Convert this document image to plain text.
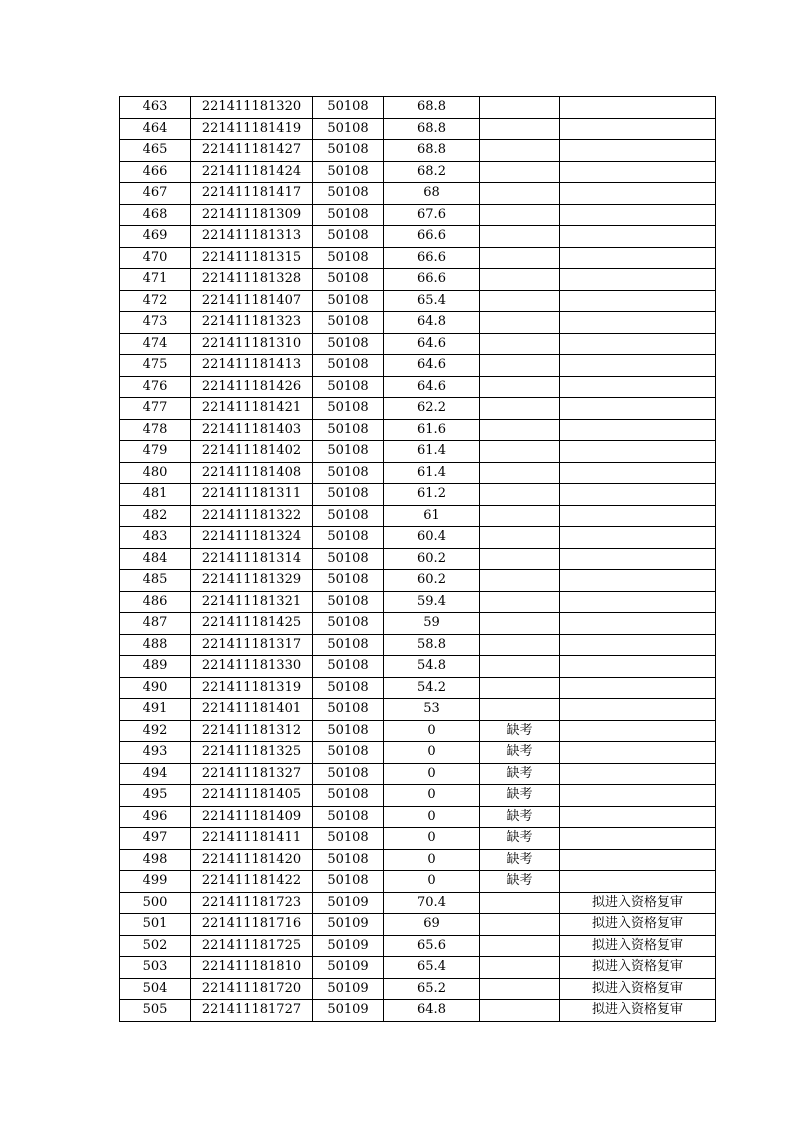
463	221411181320	50108	68.8		
464	221411181419	50108	68.8		
465	221411181427	50108	68.8		
466	221411181424	50108	68.2		
467	221411181417	50108	68		
468	221411181309	50108	67.6		
469	221411181313	50108	66.6		
470	221411181315	50108	66.6		
471	221411181328	50108	66.6		
472	221411181407	50108	65.4		
473	221411181323	50108	64.8		
474	221411181310	50108	64.6		
475	221411181413	50108	64.6		
476	221411181426	50108	64.6		
477	221411181421	50108	62.2		
478	221411181403	50108	61.6		
479	221411181402	50108	61.4		
480	221411181408	50108	61.4		
481	221411181311	50108	61.2		
482	221411181322	50108	61		
483	221411181324	50108	60.4		
484	221411181314	50108	60.2		
485	221411181329	50108	60.2		
486	221411181321	50108	59.4		
487	221411181425	50108	59		
488	221411181317	50108	58.8		
489	221411181330	50108	54.8		
490	221411181319	50108	54.2		
491	221411181401	50108	53		
492	221411181312	50108	0	缺考	
493	221411181325	50108	0	缺考	
494	221411181327	50108	0	缺考	
495	221411181405	50108	0	缺考	
496	221411181409	50108	0	缺考	
497	221411181411	50108	0	缺考	
498	221411181420	50108	0	缺考	
499	221411181422	50108	0	缺考	
500	221411181723	50109	70.4		拟进入资格复审
501	221411181716	50109	69		拟进入资格复审
502	221411181725	50109	65.6		拟进入资格复审
503	221411181810	50109	65.4		拟进入资格复审
504	221411181720	50109	65.2		拟进入资格复审
505	221411181727	50109	64.8		拟进入资格复审
